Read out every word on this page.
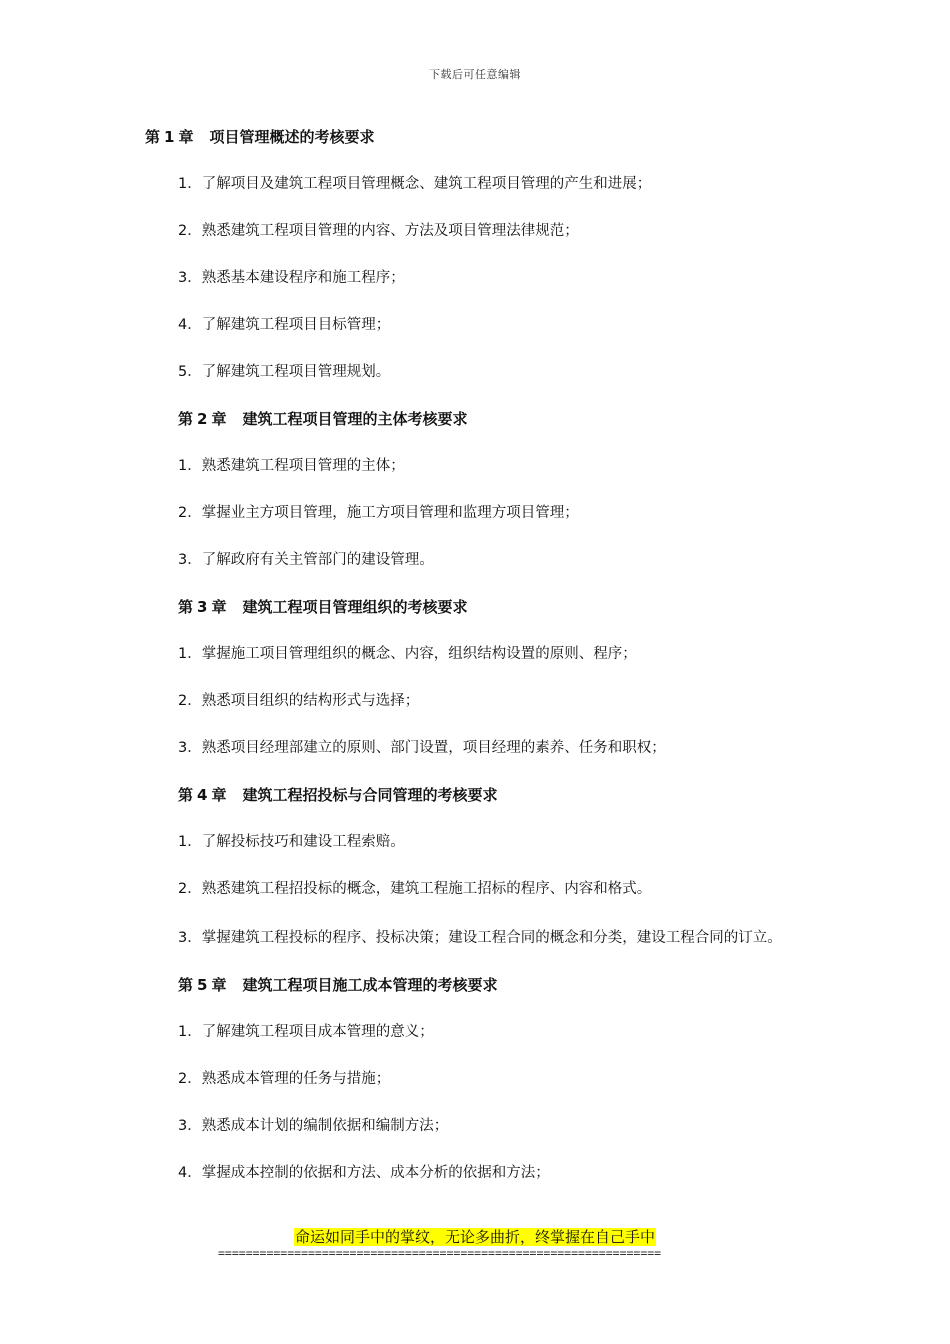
下载后可任意编辑
第 1 章 项目管理概述的考核要求
1．了解项目及建筑工程项目管理概念、建筑工程项目管理的产生和进展；
2．熟悉建筑工程项目管理的内容、方法及项目管理法律规范；
3．熟悉基本建设程序和施工程序；
4．了解建筑工程项目目标管理；
5．了解建筑工程项目管理规划。
第 2 章 建筑工程项目管理的主体考核要求
1．熟悉建筑工程项目管理的主体；
2．掌握业主方项目管理，施工方项目管理和监理方项目管理；
3．了解政府有关主管部门的建设管理。
第 3 章 建筑工程项目管理组织的考核要求
1．掌握施工项目管理组织的概念、内容，组织结构设置的原则、程序；
2．熟悉项目组织的结构形式与选择；
3．熟悉项目经理部建立的原则、部门设置，项目经理的素养、任务和职权；
第 4 章 建筑工程招投标与合同管理的考核要求
1．了解投标技巧和建设工程索赔。
2．熟悉建筑工程招投标的概念，建筑工程施工招标的程序、内容和格式。
3．掌握建筑工程投标的程序、投标决策；建设工程合同的概念和分类，建设工程合同的订立。
第 5 章 建筑工程项目施工成本管理的考核要求
1．了解建筑工程项目成本管理的意义；
2．熟悉成本管理的任务与措施；
3．熟悉成本计划的编制依据和编制方法；
4．掌握成本控制的依据和方法、成本分析的依据和方法；
命运如同手中的掌纹，无论多曲折，终掌握在自己手中
================================================================
